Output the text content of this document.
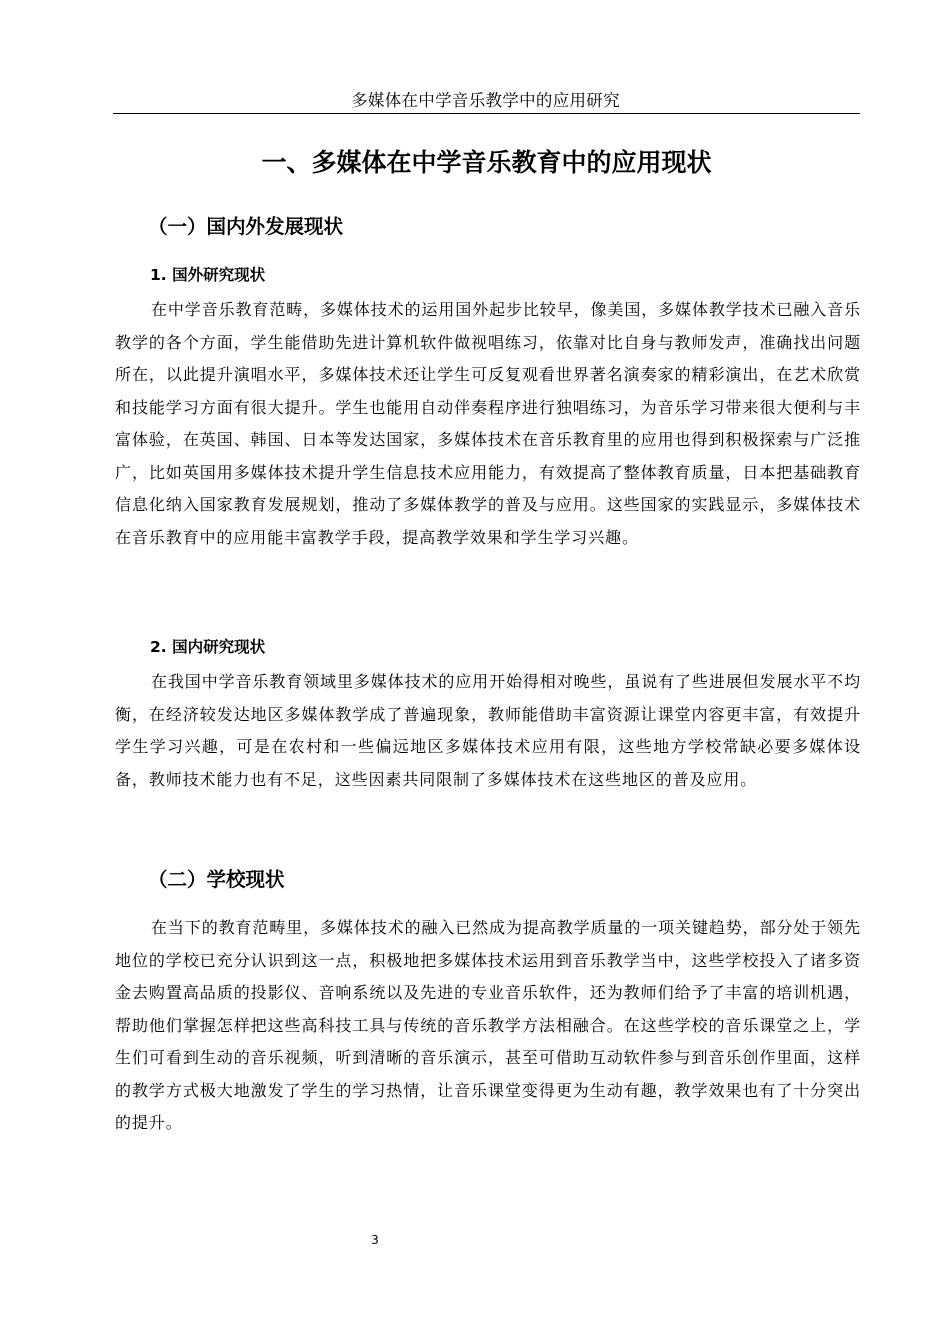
多媒体在中学音乐教学中的应用研究
一、多媒体在中学音乐教育中的应用现状
（一）国内外发展现状
1. 国外研究现状

在中学音乐教育范畴，多媒体技术的运用国外起步比较早，像美国，多媒体教学技术已融入音乐教学的各个方面，学生能借助先进计算机软件做视唱练习，依靠对比自身与教师发声，准确找出问题所在，以此提升演唱水平，多媒体技术还让学生可反复观看世界著名演奏家的精彩演出，在艺术欣赏和技能学习方面有很大提升。学生也能用自动伴奏程序进行独唱练习，为音乐学习带来很大便利与丰富体验，在英国、韩国、日本等发达国家，多媒体技术在音乐教育里的应用也得到积极探索与广泛推广，比如英国用多媒体技术提升学生信息技术应用能力，有效提高了整体教育质量，日本把基础教育信息化纳入国家教育发展规划，推动了多媒体教学的普及与应用。这些国家的实践显示，多媒体技术在音乐教育中的应用能丰富教学手段，提高教学效果和学生学习兴趣。

2. 国内研究现状

在我国中学音乐教育领域里多媒体技术的应用开始得相对晚些，虽说有了些进展但发展水平不均衡，在经济较发达地区多媒体教学成了普遍现象，教师能借助丰富资源让课堂内容更丰富，有效提升学生学习兴趣，可是在农村和一些偏远地区多媒体技术应用有限，这些地方学校常缺必要多媒体设备，教师技术能力也有不足，这些因素共同限制了多媒体技术在这些地区的普及应用。

（二）学校现状

在当下的教育范畴里，多媒体技术的融入已然成为提高教学质量的一项关键趋势，部分处于领先地位的学校已充分认识到这一点，积极地把多媒体技术运用到音乐教学当中，这些学校投入了诸多资金去购置高品质的投影仪、音响系统以及先进的专业音乐软件，还为教师们给予了丰富的培训机遇，帮助他们掌握怎样把这些高科技工具与传统的音乐教学方法相融合。在这些学校的音乐课堂之上，学生们可看到生动的音乐视频，听到清晰的音乐演示，甚至可借助互动软件参与到音乐创作里面，这样的教学方式极大地激发了学生的学习热情，让音乐课堂变得更为生动有趣，教学效果也有了十分突出的提升。

3
